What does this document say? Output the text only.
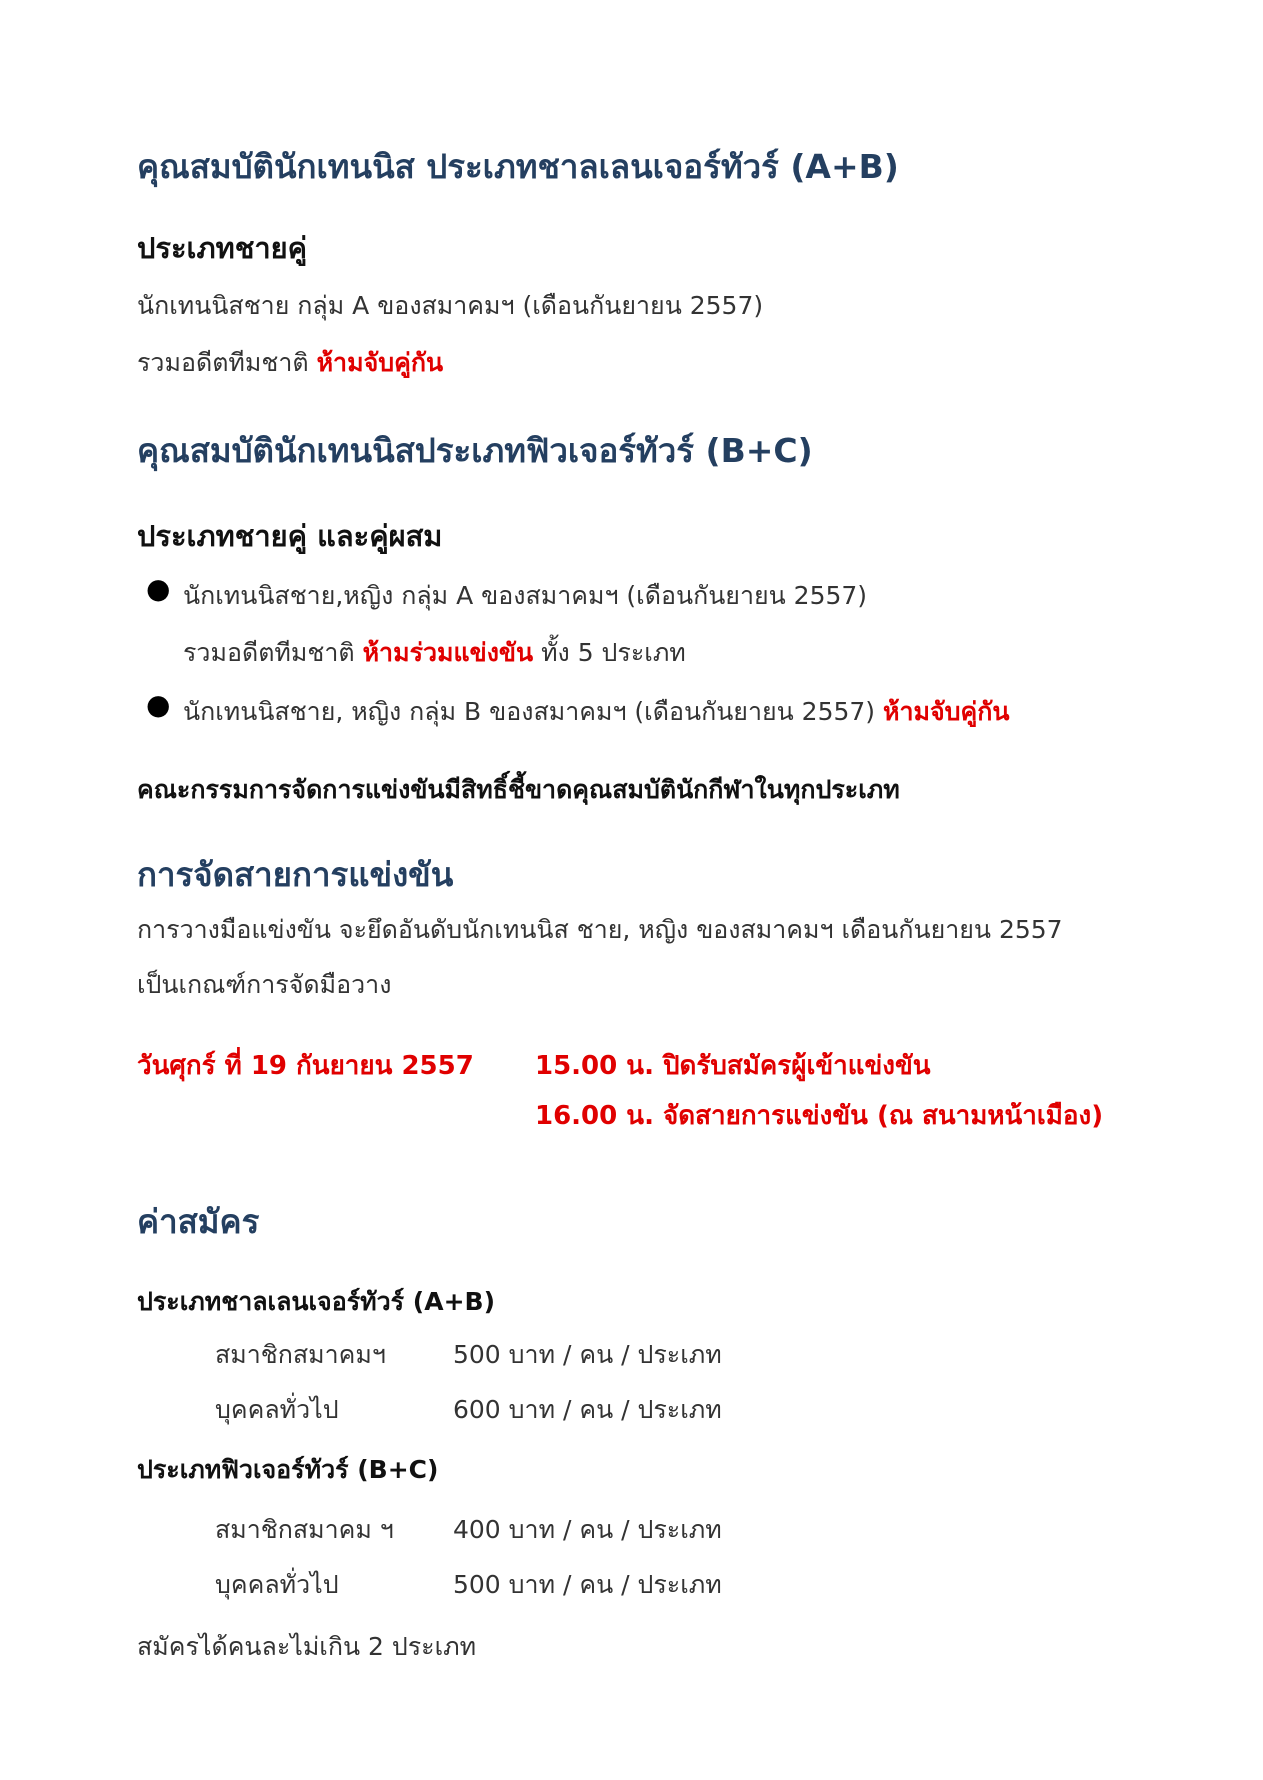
คุณสมบัตินักเทนนิส ประเภทชาลเลนเจอร์ทัวร์ (A+B)
ประเภทชายคู่
นักเทนนิสชาย กลุ่ม A ของสมาคมฯ (เดือนกันยายน 2557)
รวมอดีตทีมชาติ ห้ามจับคู่กัน
คุณสมบัตินักเทนนิสประเภทฟิวเจอร์ทัวร์ (B+C)
ประเภทชายคู่ และคู่ผสม
● นักเทนนิสชาย,หญิง กลุ่ม A ของสมาคมฯ (เดือนกันยายน 2557)
รวมอดีตทีมชาติ ห้ามร่วมแข่งขัน ทั้ง 5 ประเภท
● นักเทนนิสชาย, หญิง กลุ่ม B ของสมาคมฯ (เดือนกันยายน 2557) ห้ามจับคู่กัน
คณะกรรมการจัดการแข่งขันมีสิทธิ์ชี้ขาดคุณสมบัตินักกีฬาในทุกประเภท
การจัดสายการแข่งขัน
การวางมือแข่งขัน จะยึดอันดับนักเทนนิส ชาย, หญิง ของสมาคมฯ เดือนกันยายน 2557
เป็นเกณฑ์การจัดมือวาง
วันศุกร์ ที่ 19 กันยายน 2557 15.00 น. ปิดรับสมัครผู้เข้าแข่งขัน
16.00 น. จัดสายการแข่งขัน (ณ สนามหน้าเมือง)
ค่าสมัคร
ประเภทชาลเลนเจอร์ทัวร์ (A+B)
สมาชิกสมาคมฯ	500 บาท / คน / ประเภท
บุคคลทั่วไป	600 บาท / คน / ประเภท
ประเภทฟิวเจอร์ทัวร์ (B+C)
สมาชิกสมาคม ฯ 400 บาท / คน / ประเภท
บุคคลทั่วไป	500 บาท / คน / ประเภท
สมัครได้คนละไม่เกิน 2 ประเภท
